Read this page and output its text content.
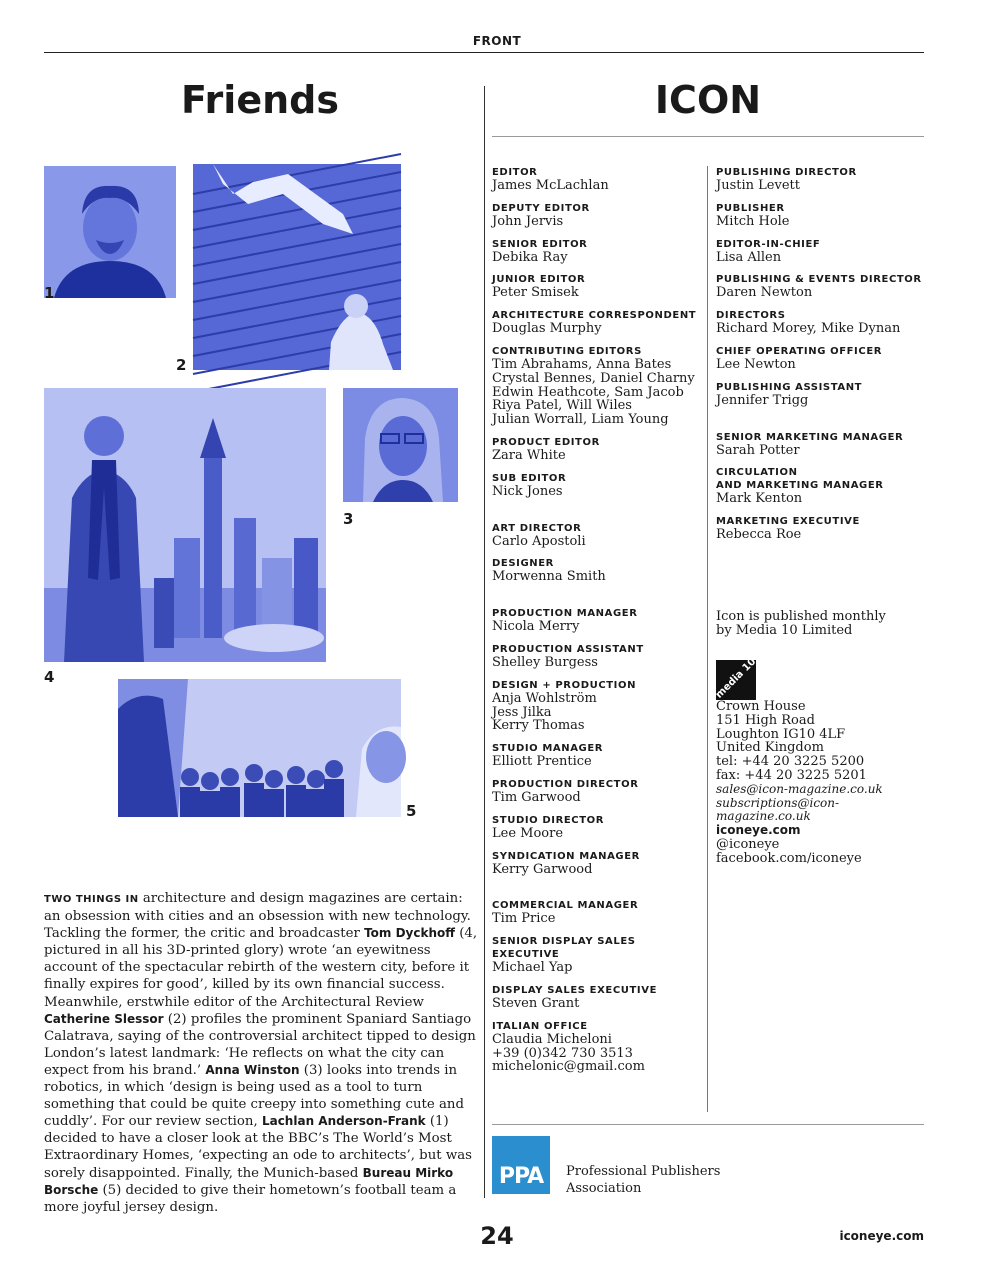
FRONT
Friends	ICON
1
2
3
4
5
TWO THINGS IN architecture and design magazines are certain: an obsession with cities and an obsession with new technology. Tackling the former, the critic and broadcaster Tom Dyckhoff (4, pictured in all his 3D-printed glory) wrote ‘an eyewitness account of the spectacular rebirth of the western city, before it finally expires for good’, killed by its own financial success. Meanwhile, erstwhile editor of the Architectural Review Catherine Slessor (2) profiles the prominent Spaniard Santiago Calatrava, saying of the controversial architect tipped to design London’s latest landmark: ‘He reflects on what the city can expect from his brand.’ Anna Winston (3) looks into trends in robotics, in which ‘design is being used as a tool to turn something that could be quite creepy into something cute and cuddly’. For our review section, Lachlan Anderson-Frank (1) decided to have a closer look at the BBC’s The World’s Most Extraordinary Homes, ‘expecting an ode to architects’, but was sorely disappointed. Finally, the Munich-based Bureau Mirko Borsche (5) decided to give their hometown’s football team a more joyful jersey design.
EDITOR
James McLachlan
DEPUTY EDITOR
John Jervis
SENIOR EDITOR
Debika Ray
JUNIOR EDITOR
Peter Smisek
ARCHITECTURE CORRESPONDENT
Douglas Murphy
CONTRIBUTING EDITORS
Tim Abrahams, Anna Bates
Crystal Bennes, Daniel Charny
Edwin Heathcote, Sam Jacob
Riya Patel, Will Wiles
Julian Worrall, Liam Young
PRODUCT EDITOR
Zara White
SUB EDITOR
Nick Jones
ART DIRECTOR
Carlo Apostoli
DESIGNER
Morwenna Smith
PRODUCTION MANAGER
Nicola Merry
PRODUCTION ASSISTANT
Shelley Burgess
DESIGN + PRODUCTION
Anja Wohlström
Jess Jilka
Kerry Thomas
STUDIO MANAGER
Elliott Prentice
PRODUCTION DIRECTOR
Tim Garwood
STUDIO DIRECTOR
Lee Moore
SYNDICATION MANAGER
Kerry Garwood
COMMERCIAL MANAGER
Tim Price
SENIOR DISPLAY SALES
EXECUTIVE
Michael Yap
DISPLAY SALES EXECUTIVE
Steven Grant
ITALIAN OFFICE
Claudia Micheloni
+39 (0)342 730 3513
michelonic@gmail.com
PUBLISHING DIRECTOR
Justin Levett
PUBLISHER
Mitch Hole
EDITOR-IN-CHIEF
Lisa Allen
PUBLISHING & EVENTS DIRECTOR
Daren Newton
DIRECTORS
Richard Morey, Mike Dynan
CHIEF OPERATING OFFICER
Lee Newton
PUBLISHING ASSISTANT
Jennifer Trigg
SENIOR MARKETING MANAGER
Sarah Potter
CIRCULATION
AND MARKETING MANAGER
Mark Kenton
MARKETING EXECUTIVE
Rebecca Roe
Icon is published monthly
by Media 10 Limited
media 10
Crown House
151 High Road
Loughton IG10 4LF
United Kingdom
tel: +44 20 3225 5200
fax: +44 20 3225 5201
sales@icon-magazine.co.uk
subscriptions@icon-magazine.co.uk
iconeye.com
@iconeye
facebook.com/iconeye
PPA	Professional Publishers
Association
24	iconeye.com
